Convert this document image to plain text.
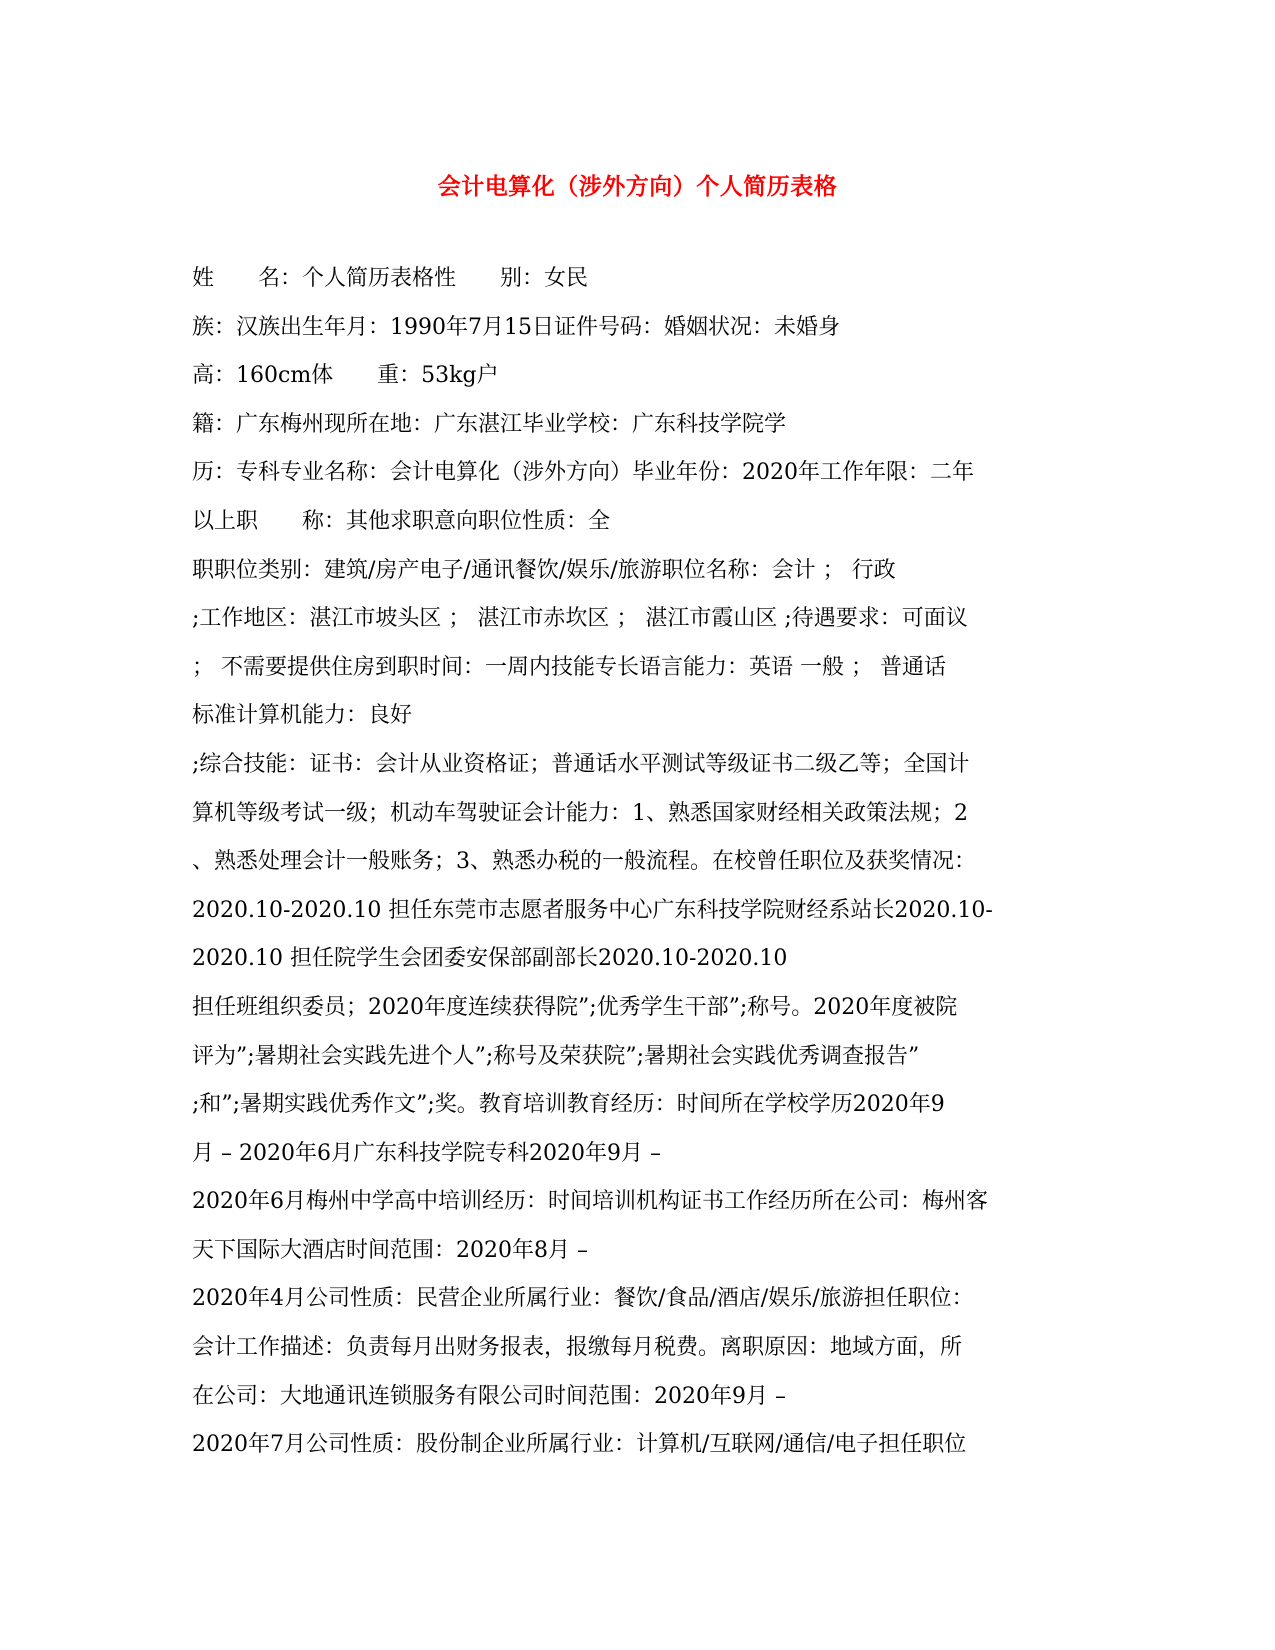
会计电算化（涉外方向）个人简历表格
姓　　名：个人简历表格性　　别：女民
族：汉族出生年月：1990年7月15日证件号码：婚姻状况：未婚身
高：160cm体　　重：53kg户
籍：广东梅州现所在地：广东湛江毕业学校：广东科技学院学
历：专科专业名称：会计电算化（涉外方向）毕业年份：2020年工作年限：二年
以上职　　称：其他求职意向职位性质：全
职职位类别：建筑/房产电子/通讯餐饮/娱乐/旅游职位名称：会计 ； 行政
;工作地区：湛江市坡头区 ； 湛江市赤坎区 ； 湛江市霞山区 ;待遇要求：可面议
； 不需要提供住房到职时间：一周内技能专长语言能力：英语 一般 ； 普通话
标准计算机能力：良好
;综合技能：证书：会计从业资格证；普通话水平测试等级证书二级乙等；全国计
算机等级考试一级；机动车驾驶证会计能力：1、熟悉国家财经相关政策法规；2
、熟悉处理会计一般账务；3、熟悉办税的一般流程。在校曾任职位及获奖情况：
2020.10-2020.10 担任东莞市志愿者服务中心广东科技学院财经系站长2020.10-
2020.10 担任院学生会团委安保部副部长2020.10-2020.10
担任班组织委员；2020年度连续获得院”;优秀学生干部”;称号。2020年度被院
评为”;暑期社会实践先进个人”;称号及荣获院”;暑期社会实践优秀调查报告”
;和”;暑期实践优秀作文”;奖。教育培训教育经历：时间所在学校学历2020年9
月 – 2020年6月广东科技学院专科2020年9月 –
2020年6月梅州中学高中培训经历：时间培训机构证书工作经历所在公司：梅州客
天下国际大酒店时间范围：2020年8月 –
2020年4月公司性质：民营企业所属行业：餐饮/食品/酒店/娱乐/旅游担任职位：
会计工作描述：负责每月出财务报表，报缴每月税费。离职原因：地域方面，所
在公司：大地通讯连锁服务有限公司时间范围：2020年9月 –
2020年7月公司性质：股份制企业所属行业：计算机/互联网/通信/电子担任职位
